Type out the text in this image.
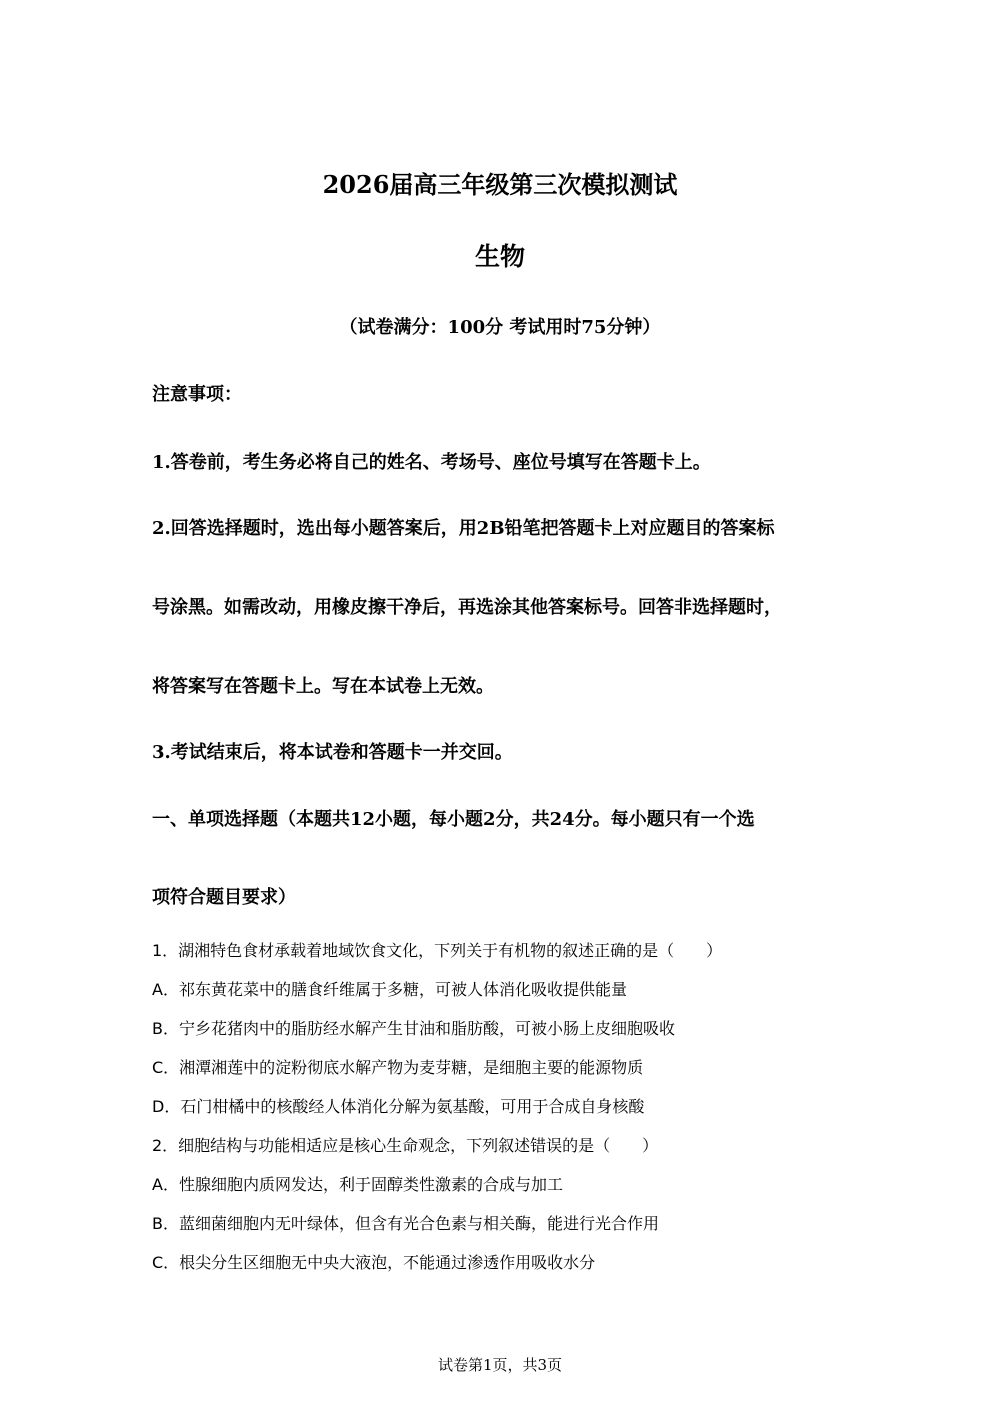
2026届高三年级第三次模拟测试
生物

（试卷满分：100分 考试用时75分钟）

注意事项：

1.答卷前，考生务必将自己的姓名、考场号、座位号填写在答题卡上。

2.回答选择题时，选出每小题答案后，用2B铅笔把答题卡上对应题目的答案标

号涂黑。如需改动，用橡皮擦干净后，再选涂其他答案标号。回答非选择题时，

将答案写在答题卡上。写在本试卷上无效。

3.考试结束后，将本试卷和答题卡一并交回。

一、单项选择题（本题共12小题，每小题2分，共24分。每小题只有一个选

项符合题目要求）

1．湖湘特色食材承载着地域饮食文化，下列关于有机物的叙述正确的是（　　）

A．祁东黄花菜中的膳食纤维属于多糖，可被人体消化吸收提供能量

B．宁乡花猪肉中的脂肪经水解产生甘油和脂肪酸，可被小肠上皮细胞吸收

C．湘潭湘莲中的淀粉彻底水解产物为麦芽糖，是细胞主要的能源物质

D．石门柑橘中的核酸经人体消化分解为氨基酸，可用于合成自身核酸

2．细胞结构与功能相适应是核心生命观念，下列叙述错误的是（　　）

A．性腺细胞内质网发达，利于固醇类性激素的合成与加工

B．蓝细菌细胞内无叶绿体，但含有光合色素与相关酶，能进行光合作用

C．根尖分生区细胞无中央大液泡，不能通过渗透作用吸收水分

试卷第1页，共3页
